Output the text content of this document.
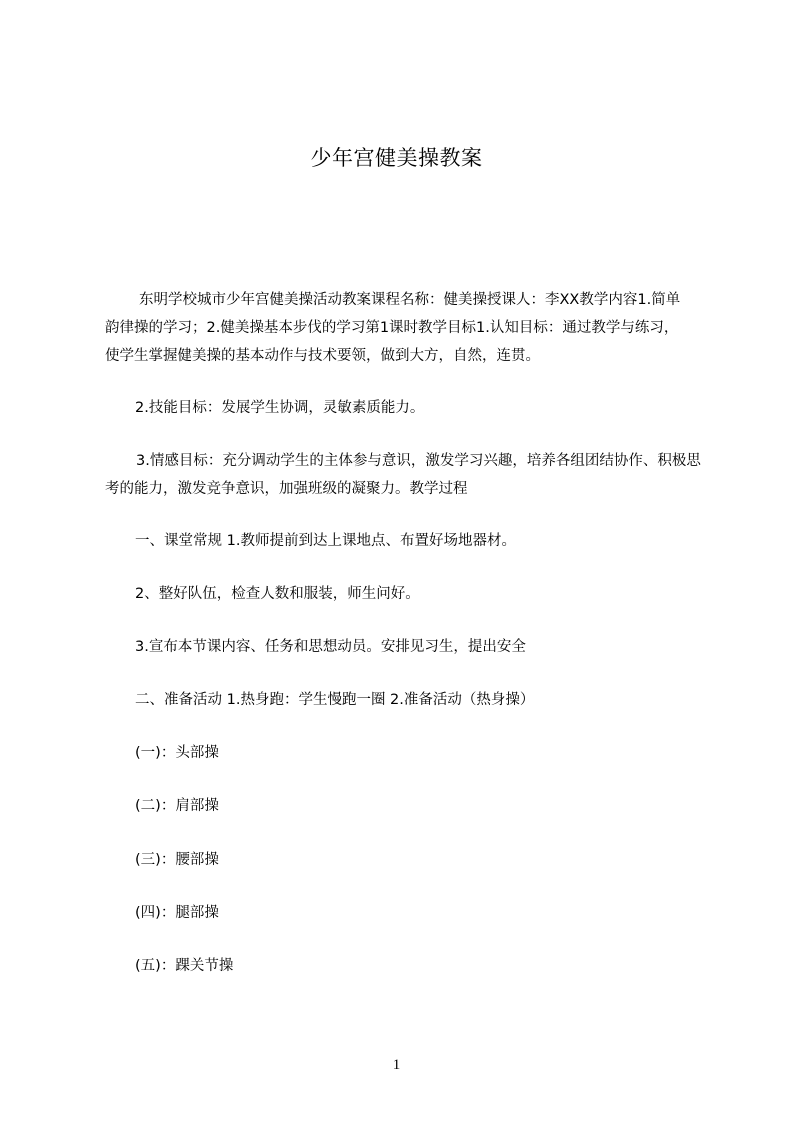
少年宫健美操教案
东明学校城市少年宫健美操活动教案课程名称：健美操授课人：李XX教学内容1.简单韵律操的学习；2.健美操基本步伐的学习第1课时教学目标1.认知目标：通过教学与练习，使学生掌握健美操的基本动作与技术要领，做到大方，自然，连贯。
2.技能目标：发展学生协调，灵敏素质能力。
3.情感目标：充分调动学生的主体参与意识，激发学习兴趣，培养各组团结协作、积极思考的能力，激发竞争意识，加强班级的凝聚力。教学过程
一、课堂常规 1.教师提前到达上课地点、布置好场地器材。
2、整好队伍，检查人数和服装，师生问好。
3.宣布本节课内容、任务和思想动员。安排见习生，提出安全
二、准备活动 1.热身跑：学生慢跑一圈 2.准备活动（热身操）
(一)：头部操
(二)：肩部操
(三)：腰部操
(四)：腿部操
(五)：踝关节操
1
